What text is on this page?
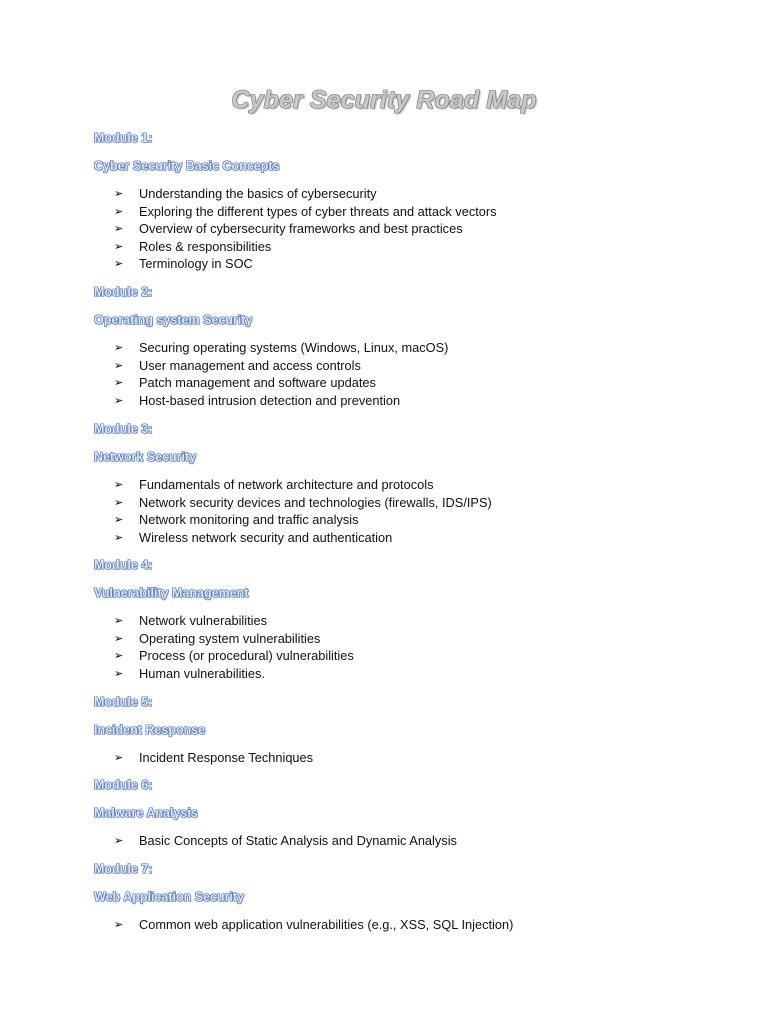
Cyber Security Road Map
Module 1:
Cyber Security Basic Concepts
➢	Understanding the basics of cybersecurity
➢	Exploring the different types of cyber threats and attack vectors
➢	Overview of cybersecurity frameworks and best practices
➢	Roles & responsibilities
➢	Terminology in SOC
Module 2:
Operating system Security
➢	Securing operating systems (Windows, Linux, macOS)
➢	User management and access controls
➢	Patch management and software updates
➢	Host-based intrusion detection and prevention
Module 3:
Network Security
➢	Fundamentals of network architecture and protocols
➢	Network security devices and technologies (firewalls, IDS/IPS)
➢	Network monitoring and traffic analysis
➢	Wireless network security and authentication
Module 4:
Vulnerability Management
➢	Network vulnerabilities
➢	Operating system vulnerabilities
➢	Process (or procedural) vulnerabilities
➢	Human vulnerabilities.
Module 5:
Incident Response
➢	Incident Response Techniques
Module 6:
Malware Analysis
➢	Basic Concepts of Static Analysis and Dynamic Analysis
Module 7:
Web Application Security
➢	Common web application vulnerabilities (e.g., XSS, SQL Injection)
